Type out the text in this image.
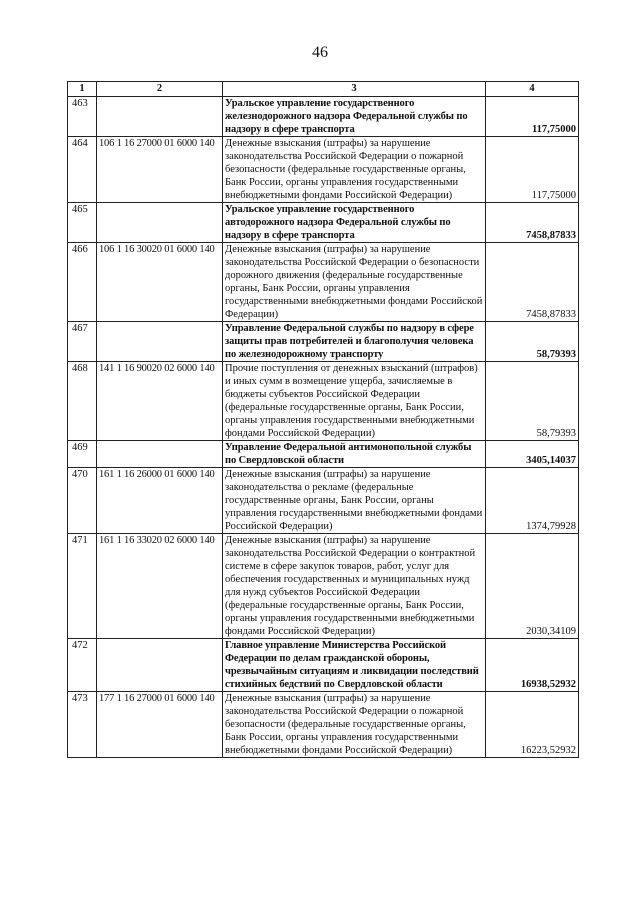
46
1	2	3	4
463		Уральское управление государственного железнодорожного надзора Федеральной службы по надзору в сфере транспорта	117,75000
464	106 1 16 27000 01 6000 140	Денежные взыскания (штрафы) за нарушение законодательства Российской Федерации о пожарной безопасности (федеральные государственные органы, Банк России, органы управления государственными внебюджетными фондами Российской Федерации)	117,75000
465		Уральское управление государственного автодорожного надзора Федеральной службы по надзору в сфере транспорта	7458,87833
466	106 1 16 30020 01 6000 140	Денежные взыскания (штрафы) за нарушение законодательства Российской Федерации о безопасности дорожного движения (федеральные государственные органы, Банк России, органы управления государственными внебюджетными фондами Российской Федерации)	7458,87833
467		Управление Федеральной службы по надзору в сфере защиты прав потребителей и благополучия человека по железнодорожному транспорту	58,79393
468	141 1 16 90020 02 6000 140	Прочие поступления от денежных взысканий (штрафов) и иных сумм в возмещение ущерба, зачисляемые в бюджеты субъектов Российской Федерации (федеральные государственные органы, Банк России, органы управления государственными внебюджетными фондами Российской Федерации)	58,79393
469		Управление Федеральной антимонопольной службы по Свердловской области	3405,14037
470	161 1 16 26000 01 6000 140	Денежные взыскания (штрафы) за нарушение законодательства о рекламе (федеральные государственные органы, Банк России, органы управления государственными внебюджетными фондами Российской Федерации)	1374,79928
471	161 1 16 33020 02 6000 140	Денежные взыскания (штрафы) за нарушение законодательства Российской Федерации о контрактной системе в сфере закупок товаров, работ, услуг для обеспечения государственных и муниципальных нужд для нужд субъектов Российской Федерации (федеральные государственные органы, Банк России, органы управления государственными внебюджетными фондами Российской Федерации)	2030,34109
472		Главное управление Министерства Российской Федерации по делам гражданской обороны, чрезвычайным ситуациям и ликвидации последствий стихийных бедствий по Свердловской области	16938,52932
473	177 1 16 27000 01 6000 140	Денежные взыскания (штрафы) за нарушение законодательства Российской Федерации о пожарной безопасности (федеральные государственные органы, Банк России, органы управления государственными внебюджетными фондами Российской Федерации)	16223,52932
